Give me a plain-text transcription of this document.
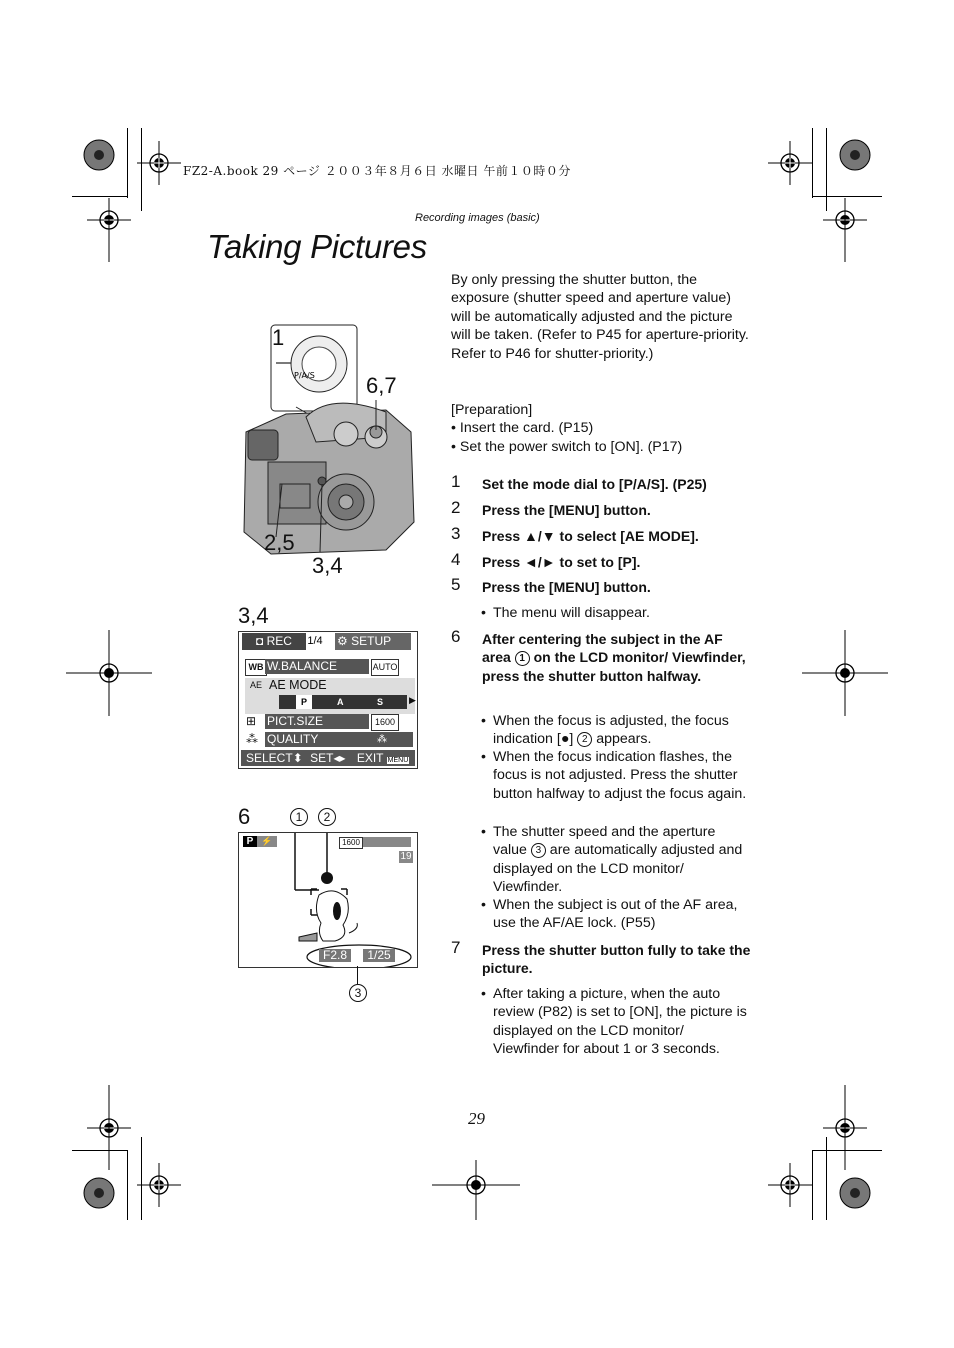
FZ2-A.book 29 ページ ２００３年８月６日 水曜日 午前１０時０分
Recording images (basic)
Taking Pictures
By only pressing the shutter button, the exposure (shutter speed and aperture value) will be automatically adjusted and the picture will be taken. (Refer to P45 for aperture-priority. Refer to P46 for shutter-priority.)
[Preparation]
• Insert the card. (P15)
• Set the power switch to [ON]. (P17)
1 Set the mode dial to [P/A/S]. (P25)
2 Press the [MENU] button.
3 Press ▲/▼ to select [AE MODE].
4 Press ◄/► to set to [P].
5 Press the [MENU] button.
• The menu will disappear.
6 After centering the subject in the AF area 1 on the LCD monitor/ Viewfinder, press the shutter button halfway.
• When the focus is adjusted, the focus indication [●] 2 appears.
• When the focus indication flashes, the focus is not adjusted. Press the shutter button halfway to adjust the focus again.
• The shutter speed and the aperture value 3 are automatically adjusted and displayed on the LCD monitor/ Viewfinder.
• When the subject is out of the AF area, use the AF/AE lock. (P55)
7 Press the shutter button fully to take the picture.
• After taking a picture, when the auto review (P82) is set to [ON], the picture is displayed on the LCD monitor/ Viewfinder for about 1 or 3 seconds.
P/A/S
1
6,7
2,5
3,4
3,4
◘ REC	1/4 ⚙ SETUP
WB W.BALANCE	AUTO
AE AE MODE
P	A	S	▶
⊞ PICT.SIZE	1600
⁂ QUALITY	⁂
SELECT⬍ SET◂▸ EXIT MENU
6	1	2
P ⚡	1600
19
F2.8	1/25
3
29
